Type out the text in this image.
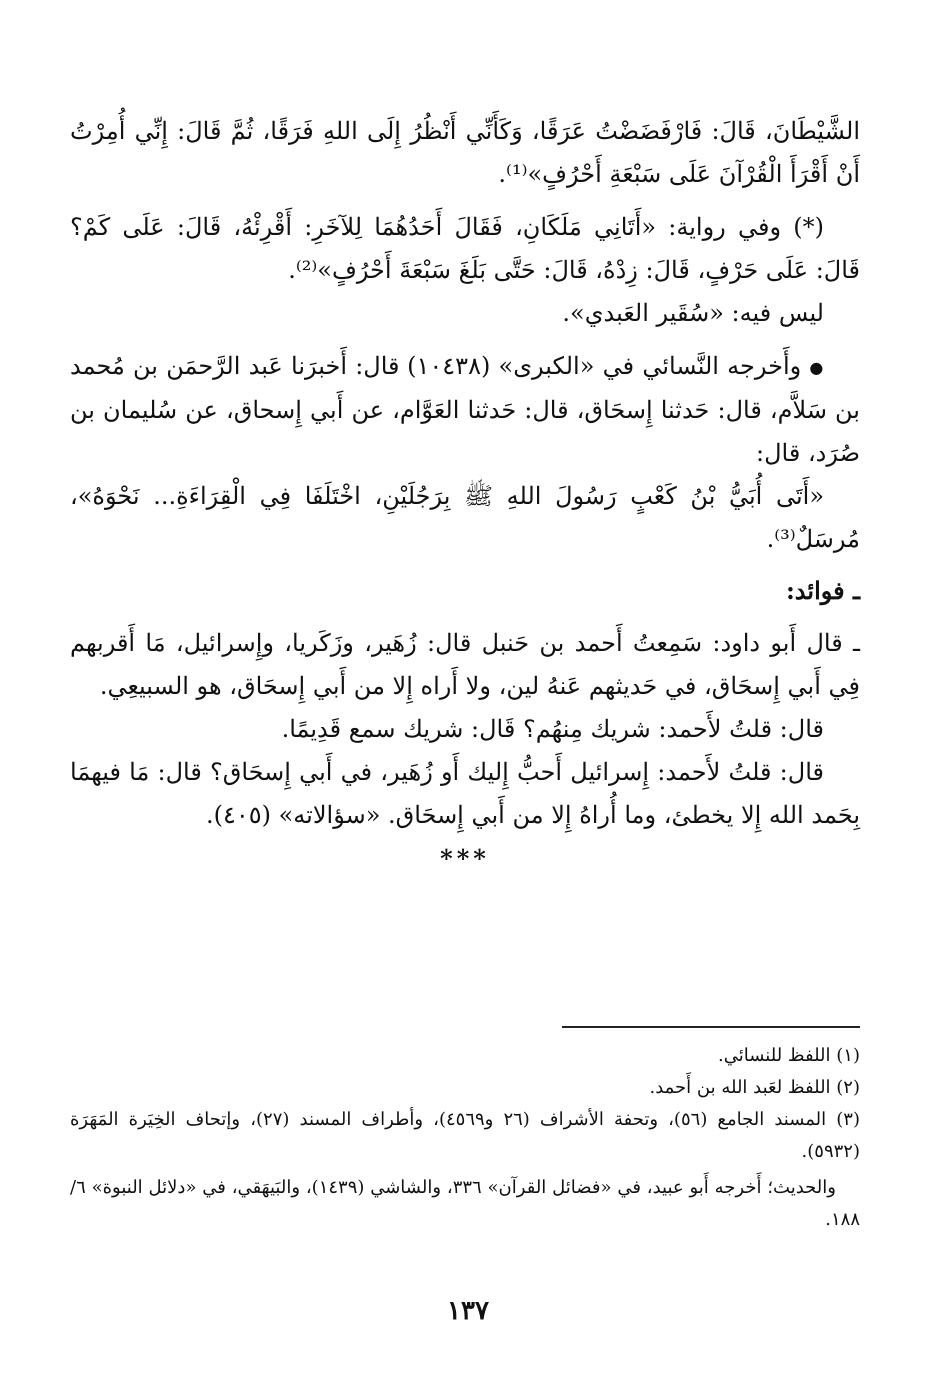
الشَّيْطَانَ، قَالَ: فَارْفَضَضْتُ عَرَقًا، وَكَأَنِّي أَنْظُرُ إِلَى اللهِ فَرَقًا، ثُمَّ قَالَ: إِنِّي أُمِرْتُ أَنْ أَقْرَأَ الْقُرْآنَ عَلَى سَبْعَةِ أَحْرُفٍ»⁽¹⁾.

(*) وفي رواية: «أَتَانِي مَلَكَانِ، فَقَالَ أَحَدُهُمَا لِلآخَرِ: أَقْرِئْهُ، قَالَ: عَلَى كَمْ؟ قَالَ: عَلَى حَرْفٍ، قَالَ: زِدْهُ، قَالَ: حَتَّى بَلَغَ سَبْعَةَ أَحْرُفٍ»⁽²⁾.

ليس فيه: «سُقَير العَبدي».

● وأَخرجه النَّسائي في «الكبرى» (١٠٤٣٨) قال: أَخبرَنا عَبد الرَّحمَن بن مُحمد بن سَلاَّم، قال: حَدثنا إِسحَاق، قال: حَدثنا العَوَّام، عن أَبي إِسحاق، عن سُليمان بن صُرَد، قال:

«أَتَى أُبَيُّ بْنُ كَعْبٍ رَسُولَ اللهِ ﷺ بِرَجُلَيْنِ، اخْتَلَفَا فِي الْقِرَاءَةِ... نَحْوَهُ»، مُرسَلٌ⁽³⁾.

ـ فوائد:

ـ قال أَبو داود: سَمِعتُ أَحمد بن حَنبل قال: زُهَير، وزَكَريا، وإِسرائيل، مَا أَقربهم فِي أَبي إِسحَاق، في حَديثهم عَنهُ لين، ولا أَراه إِلا من أَبي إِسحَاق، هو السبيعِي.

قال: قلتُ لأَحمد: شريك مِنهُم؟ قَال: شريك سمع قَدِيمًا.

قال: قلتُ لأَحمد: إِسرائيل أَحبُّ إِليك أَو زُهَير، في أَبي إِسحَاق؟ قال: مَا فيهمَا بِحَمد الله إِلا يخطئ، وما أُراهُ إِلا من أَبي إِسحَاق. «سؤالاته» (٤٠٥).

***

(١) اللفظ للنسائي.

(٢) اللفظ لعَبد الله بن أَحمد.

(٣) المسند الجامع (٥٦)، وتحفة الأشراف (٢٦ و٤٥٦٩)، وأطراف المسند (٢٧)، وإتحاف الخِيَرة المَهَرَة (٥٩٣٢).

والحديث؛ أَخرجه أَبو عبيد، في «فضائل القرآن» ٣٣٦، والشاشي (١٤٣٩)، والبَيهَقي، في «دلائل النبوة» ٦/ ١٨٨.

١٣٧
